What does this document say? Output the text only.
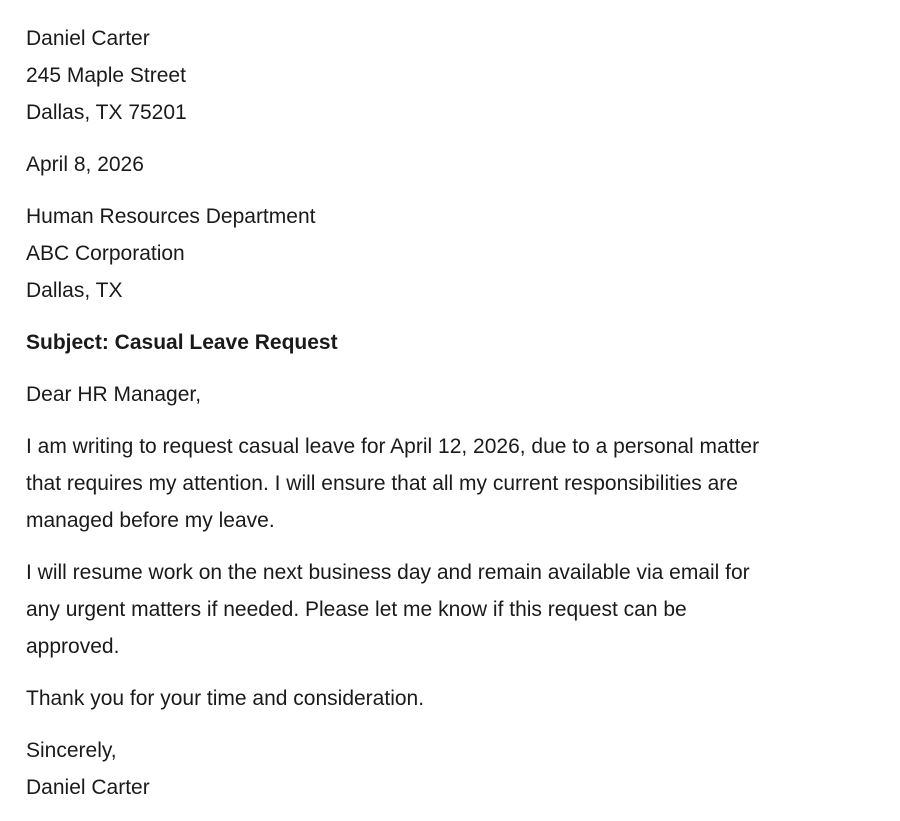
Daniel Carter
245 Maple Street
Dallas, TX 75201
April 8, 2026
Human Resources Department
ABC Corporation
Dallas, TX
Subject: Casual Leave Request
Dear HR Manager,
I am writing to request casual leave for April 12, 2026, due to a personal matter
that requires my attention. I will ensure that all my current responsibilities are
managed before my leave.
I will resume work on the next business day and remain available via email for
any urgent matters if needed. Please let me know if this request can be
approved.
Thank you for your time and consideration.
Sincerely,
Daniel Carter
